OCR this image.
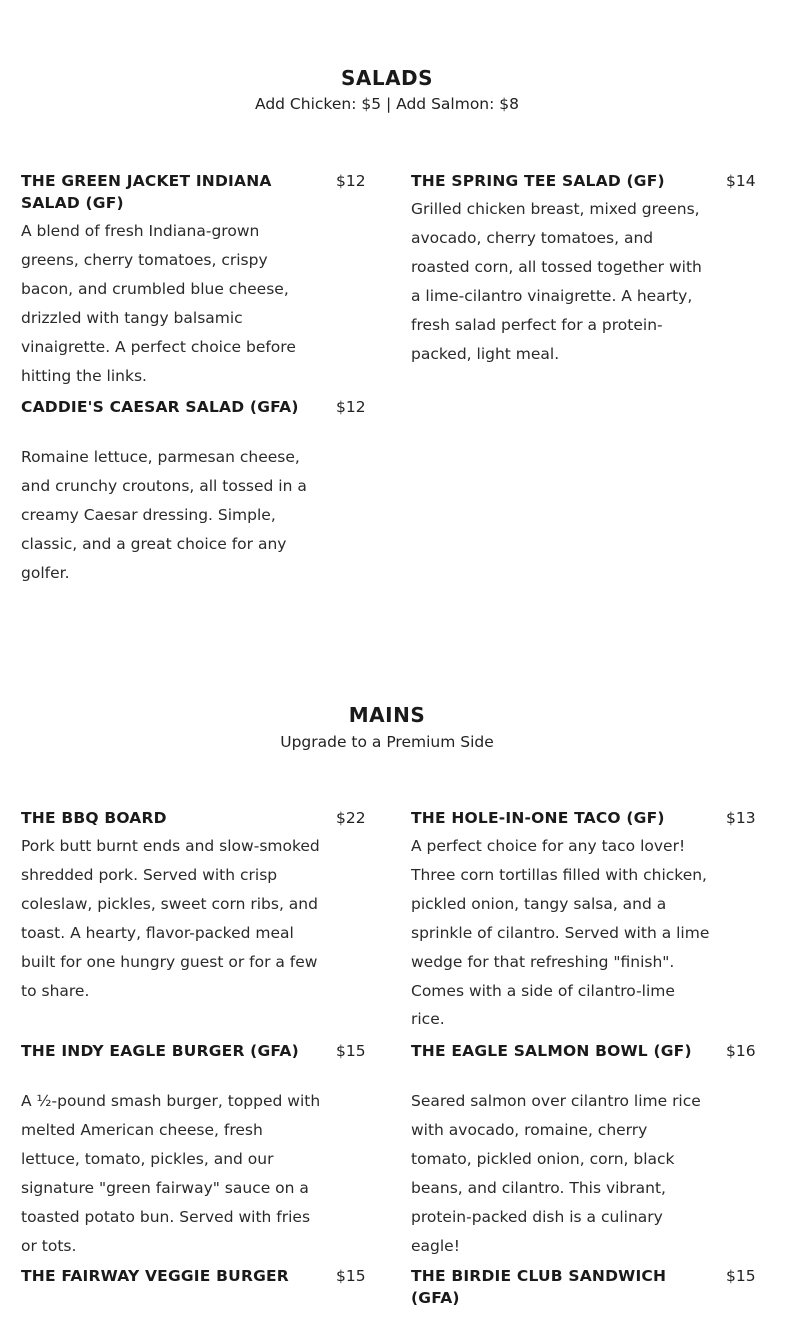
SALADS
Add Chicken: $5 | Add Salmon: $8
THE GREEN JACKET INDIANA SALAD (GF)
$12
A blend of fresh Indiana-grown greens, cherry tomatoes, crispy bacon, and crumbled blue cheese, drizzled with tangy balsamic vinaigrette. A perfect choice before hitting the links.
THE SPRING TEE SALAD (GF)	$14
Grilled chicken breast, mixed greens, avocado, cherry tomatoes, and roasted corn, all tossed together with a lime-cilantro vinaigrette. A hearty, fresh salad perfect for a protein-packed, light meal.
CADDIE'S CAESAR SALAD (GFA)	$12
Romaine lettuce, parmesan cheese, and crunchy croutons, all tossed in a creamy Caesar dressing. Simple, classic, and a great choice for any golfer.
MAINS
Upgrade to a Premium Side
THE BBQ BOARD	$22
Pork butt burnt ends and slow-smoked shredded pork. Served with crisp coleslaw, pickles, sweet corn ribs, and toast. A hearty, flavor-packed meal built for one hungry guest or for a few to share.
THE HOLE-IN-ONE TACO (GF)	$13
A perfect choice for any taco lover! Three corn tortillas filled with chicken, pickled onion, tangy salsa, and a sprinkle of cilantro. Served with a lime wedge for that refreshing "finish". Comes with a side of cilantro-lime rice.
THE INDY EAGLE BURGER (GFA)	$15
A ½-pound smash burger, topped with melted American cheese, fresh lettuce, tomato, pickles, and our signature "green fairway" sauce on a toasted potato bun. Served with fries or tots.
THE EAGLE SALMON BOWL (GF)	$16
Seared salmon over cilantro lime rice with avocado, romaine, cherry tomato, pickled onion, corn, black beans, and cilantro. This vibrant, protein-packed dish is a culinary eagle!
THE FAIRWAY VEGGIE BURGER	$15	THE BIRDIE CLUB SANDWICH (GFA)
$15
